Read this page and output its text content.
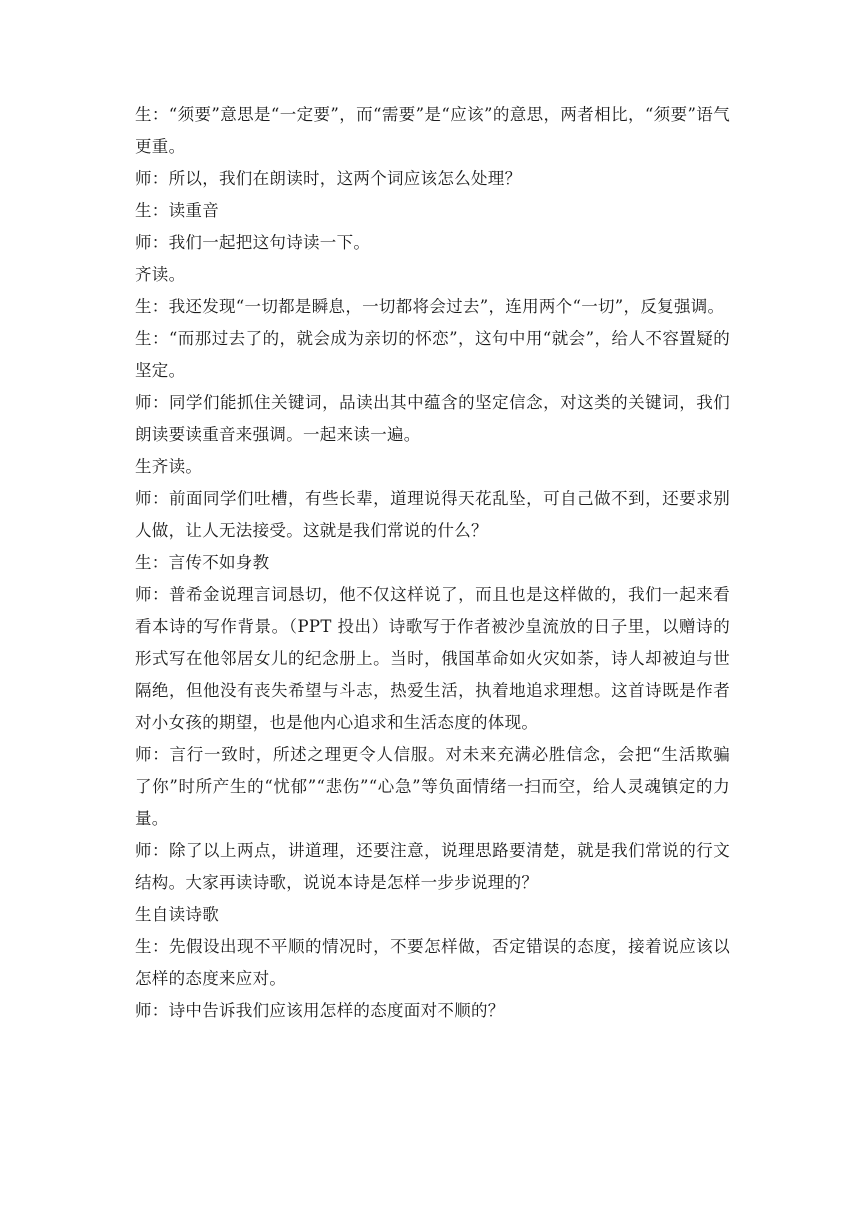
生：“须要”意思是“一定要”，而“需要”是“应该”的意思，两者相比，“须要”语气更重。

师：所以，我们在朗读时，这两个词应该怎么处理？

生：读重音

师：我们一起把这句诗读一下。

齐读。

生：我还发现“一切都是瞬息，一切都将会过去”，连用两个“一切”，反复强调。

生：“而那过去了的，就会成为亲切的怀恋”，这句中用“就会”，给人不容置疑的坚定。

师：同学们能抓住关键词，品读出其中蕴含的坚定信念，对这类的关键词，我们朗读要读重音来强调。一起来读一遍。

生齐读。

师：前面同学们吐槽，有些长辈，道理说得天花乱坠，可自己做不到，还要求别人做，让人无法接受。这就是我们常说的什么？

生：言传不如身教

师：普希金说理言词恳切，他不仅这样说了，而且也是这样做的，我们一起来看看本诗的写作背景。（PPT 投出）诗歌写于作者被沙皇流放的日子里，以赠诗的形式写在他邻居女儿的纪念册上。当时，俄国革命如火灾如荼，诗人却被迫与世隔绝，但他没有丧失希望与斗志，热爱生活，执着地追求理想。这首诗既是作者对小女孩的期望，也是他内心追求和生活态度的体现。

师：言行一致时，所述之理更令人信服。对未来充满必胜信念，会把“生活欺骗了你”时所产生的“忧郁”“悲伤”“心急”等负面情绪一扫而空，给人灵魂镇定的力量。

师：除了以上两点，讲道理，还要注意，说理思路要清楚，就是我们常说的行文结构。大家再读诗歌，说说本诗是怎样一步步说理的？

生自读诗歌

生：先假设出现不平顺的情况时，不要怎样做，否定错误的态度，接着说应该以怎样的态度来应对。

师：诗中告诉我们应该用怎样的态度面对不顺的？
